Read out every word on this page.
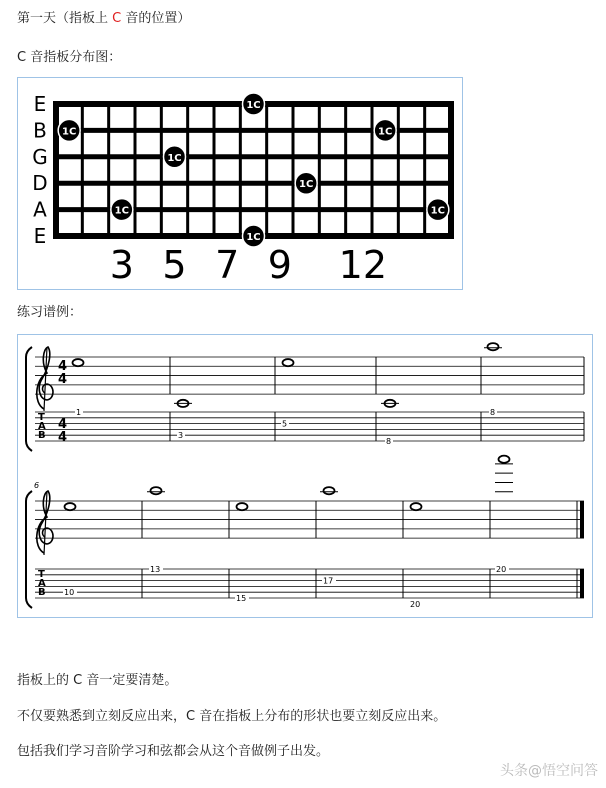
第一天（指板上 C 音的位置）
C 音指板分布图：
E
B
G
D
A
E
1C
1C	1C
1C
1C
1C	1C
1C
3 5 7 9 12
练习谱例：
4
4
T
A
B
4
4
1
3
5
8
8
6
T
A
B 10
13
15
17
20
20
指板上的 C 音一定要清楚。
不仅要熟悉到立刻反应出来，C 音在指板上分布的形状也要立刻反应出来。
包括我们学习音阶学习和弦都会从这个音做例子出发。
头条@悟空问答
